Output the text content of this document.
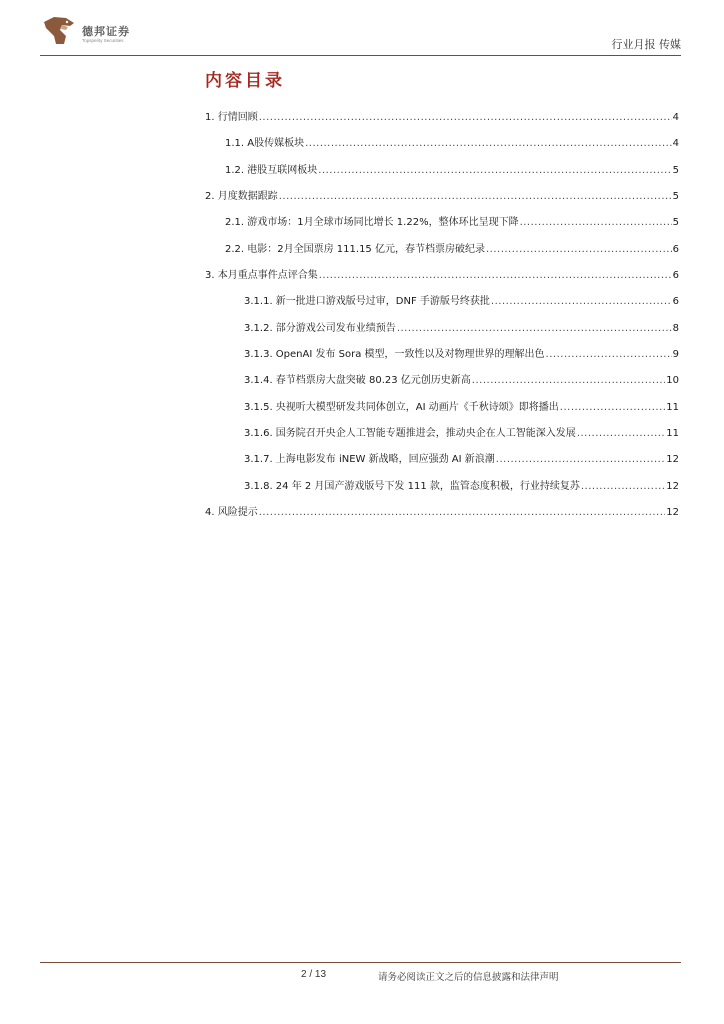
德邦证券
Topsperity Securities	行业月报 传媒
内容目录
1. 行情回顾 .....	4
1.1. A股传媒板块 .....	4
1.2. 港股互联网板块 .....	5
2. 月度数据跟踪 .....	5
2.1. 游戏市场：1月全球市场同比增长 1.22%，整体环比呈现下降 .....	5
2.2. 电影：2月全国票房 111.15 亿元，春节档票房破纪录 .....	6
3. 本月重点事件点评合集 .....	6
3.1.1. 新一批进口游戏版号过审，DNF 手游版号终获批 .....	6
3.1.2. 部分游戏公司发布业绩预告 .....	8
3.1.3. OpenAI 发布 Sora 模型，一致性以及对物理世界的理解出色 .....	9
3.1.4. 春节档票房大盘突破 80.23 亿元创历史新高 .....	10
3.1.5. 央视听大模型研发共同体创立，AI 动画片《千秋诗颂》即将播出 .....	11
3.1.6. 国务院召开央企人工智能专题推进会，推动央企在人工智能深入发展 .....	11
3.1.7. 上海电影发布 iNEW 新战略，回应强劲 AI 新浪潮 .....	12
3.1.8. 24 年 2 月国产游戏版号下发 111 款，监管态度积极，行业持续复苏 .....	12
4. 风险提示 .....	12
2 / 13	请务必阅读正文之后的信息披露和法律声明
